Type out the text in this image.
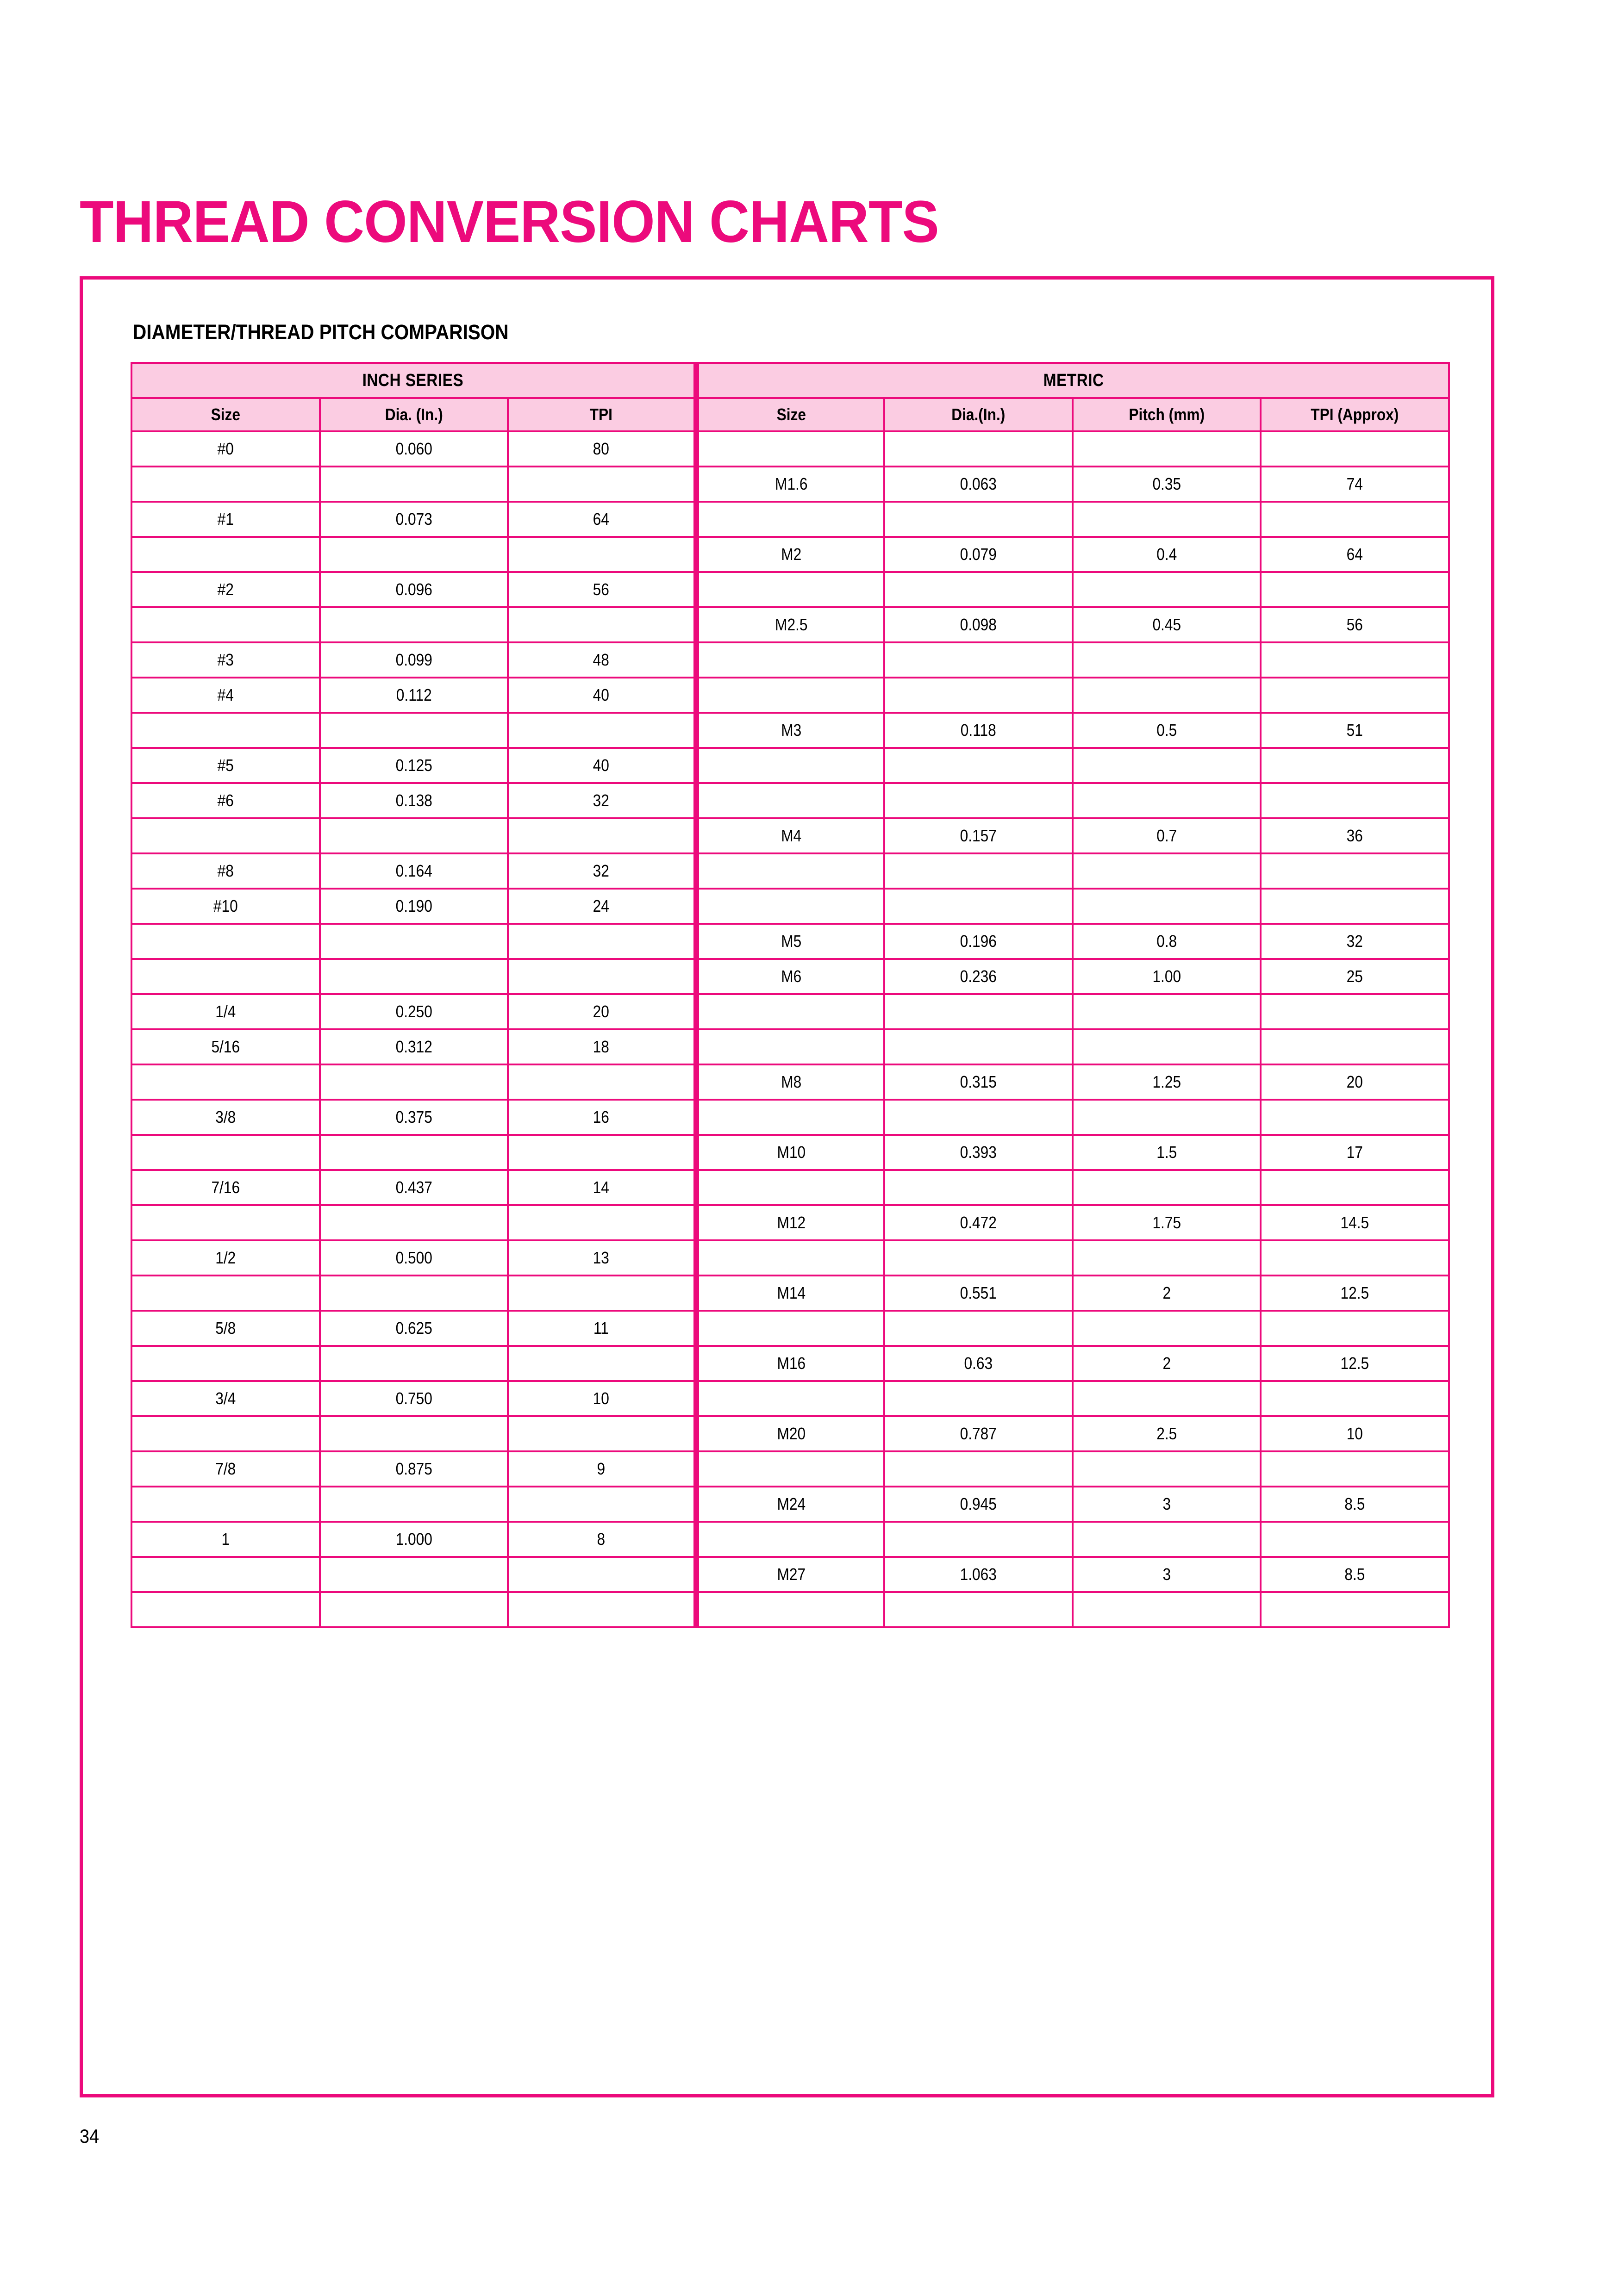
THREAD CONVERSION CHARTS
DIAMETER/THREAD PITCH COMPARISON
INCH SERIES			METRIC			

Size	Dia. (In.)	TPI	Size	Dia.(In.)	Pitch (mm)	TPI (Approx)

#0	0.060	80				

			M1.6	0.063	0.35	74

#1	0.073	64				

			M2	0.079	0.4	64

#2	0.096	56				

			M2.5	0.098	0.45	56

#3	0.099	48				

#4	0.112	40				

			M3	0.118	0.5	51

#5	0.125	40				

#6	0.138	32				

			M4	0.157	0.7	36

#8	0.164	32				

#10	0.190	24				

			M5	0.196	0.8	32

			M6	0.236	1.00	25

1/4	0.250	20				

5/16	0.312	18				

			M8	0.315	1.25	20

3/8	0.375	16				

			M10	0.393	1.5	17

7/16	0.437	14				

			M12	0.472	1.75	14.5

1/2	0.500	13				

			M14	0.551	2	12.5

5/8	0.625	11				

			M16	0.63	2	12.5

3/4	0.750	10				

			M20	0.787	2.5	10

7/8	0.875	9				

			M24	0.945	3	8.5

1	1.000	8				

			M27	1.063	3	8.5

34
